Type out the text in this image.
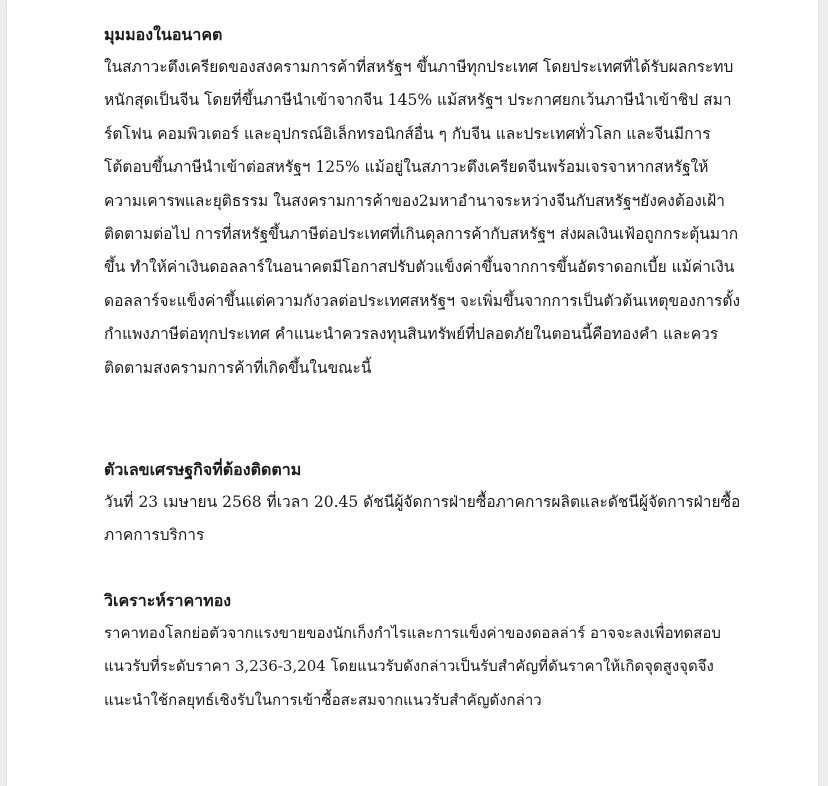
มุมมองในอนาคต

ในสภาวะตึงเครียดของสงครามการค้าที่สหรัฐฯ ขึ้นภาษีทุกประเทศ โดยประเทศที่ได้รับผลกระทบหนักสุดเป็นจีน โดยที่ขึ้นภาษีนำเข้าจากจีน 145% แม้สหรัฐฯ ประกาศยกเว้นภาษีนำเข้าชิป สมาร์ตโฟน คอมพิวเตอร์ และอุปกรณ์อิเล็กทรอนิกส์อื่น ๆ กับจีน และประเทศทั่วโลก และจีนมีการโต้ตอบขึ้นภาษีนำเข้าต่อสหรัฐฯ 125% แม้อยู่ในสภาวะตึงเครียดจีนพร้อมเจรจาหากสหรัฐให้ความเคารพและยุติธรรม ในสงครามการค้าของ2มหาอำนาจระหว่างจีนกับสหรัฐฯยังคงต้องเฝ้าติดตามต่อไป การที่สหรัฐขึ้นภาษีต่อประเทศที่เกินดุลการค้ากับสหรัฐฯ ส่งผลเงินเฟ้อถูกกระตุ้นมากขึ้น ทำให้ค่าเงินดอลลาร์ในอนาคตมีโอกาสปรับตัวแข็งค่าขึ้นจากการขึ้นอัตราดอกเบี้ย แม้ค่าเงินดอลลาร์จะแข็งค่าขึ้นแต่ความกังวลต่อประเทศสหรัฐฯ จะเพิ่มขึ้นจากการเป็นตัวต้นเหตุของการตั้งกำแพงภาษีต่อทุกประเทศ คำแนะนำควรลงทุนสินทรัพย์ที่ปลอดภัยในตอนนี้คือทองคำ และควรติดตามสงครามการค้าที่เกิดขึ้นในขณะนี้

ตัวเลขเศรษฐกิจที่ต้องติดตาม

วันที่ 23 เมษายน 2568 ที่เวลา 20.45 ดัชนีผู้จัดการฝ่ายซื้อภาคการผลิตและดัชนีผู้จัดการฝ่ายซื้อภาคการบริการ

วิเคราะห์ราคาทอง

ราคาทองโลกย่อตัวจากแรงขายของนักเก็งกำไรและการแข็งค่าของดอลล่าร์ อาจจะลงเพื่อทดสอบแนวรับที่ระดับราคา 3,236-3,204 โดยแนวรับดังกล่าวเป็นรับสำคัญที่ดันราคาให้เกิดจุดสูงจุดจึงแนะนำใช้กลยุทธ์เชิงรับในการเข้าซื้อสะสมจากแนวรับสำคัญดังกล่าว
